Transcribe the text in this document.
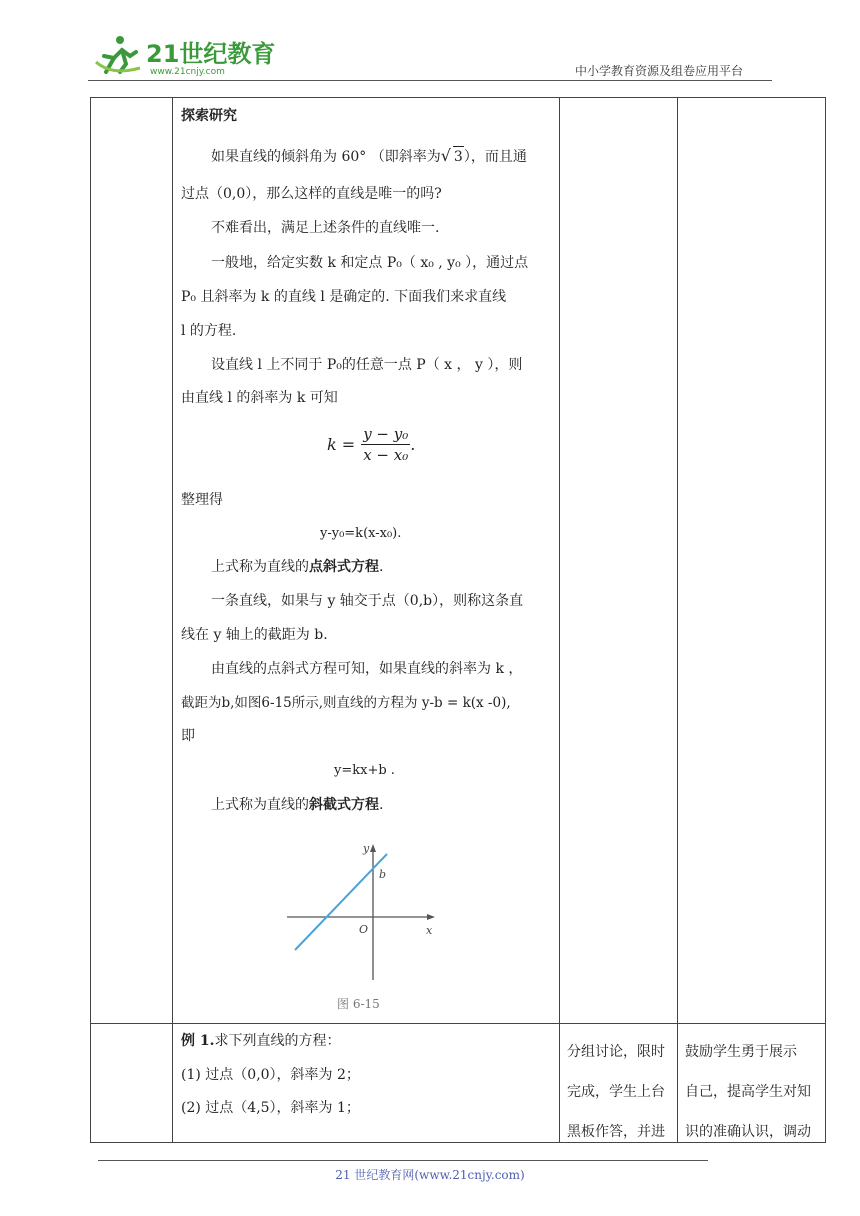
21世纪教育
www.21cnjy.com	中小学教育资源及组卷应用平台
探索研究
如果直线的倾斜角为 60° （即斜率为√ 3），而且通
过点（0,0），那么这样的直线是唯一的吗?
不难看出，满足上述条件的直线唯一.
一般地，给定实数 k 和定点 P₀（ x₀ , y₀ ），通过点
P₀ 且斜率为 k 的直线 l 是确定的. 下面我们来求直线
l 的方程.
设直线 l 上不同于 P₀的任意一点 P（ x ， y ），则
由直线 l 的斜率为 k 可知
$k = \frac{\text{y − y₀}}{\text{x − x₀}}$ .
整理得
y-y₀=k(x-x₀).
上式称为直线的点斜式方程.
一条直线，如果与 y 轴交于点（0,b），则称这条直
线在 y 轴上的截距为 b.
由直线的点斜式方程可知，如果直线的斜率为 k ，
截距为b,如图6-15所示,则直线的方程为 y-b = k(x -0),
即
y=kx+b .
上式称为直线的斜截式方程.
y
b
O	x
图 6-15
例 1.求下列直线的方程：
(1) 过点（0,0），斜率为 2；
(2) 过点（4,5），斜率为 1；
分组讨论，限时
完成，学生上台
黑板作答，并进
鼓励学生勇于展示
自己，提高学生对知
识的准确认识，调动
21 世纪教育网(www.21cnjy.com)
